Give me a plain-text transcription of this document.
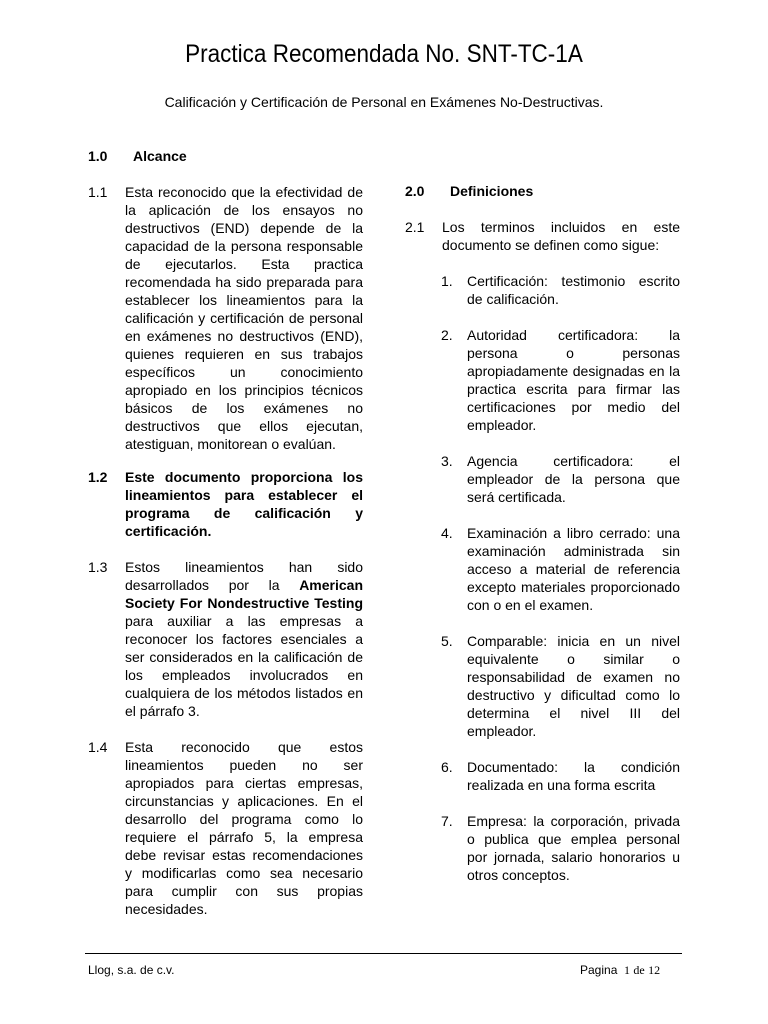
Practica Recomendada No. SNT-TC-1A
Calificación y Certificación de Personal en Exámenes No-Destructivas.
1.0	Alcance
1.1	Esta reconocido que la efectividad de la aplicación de los ensayos no destructivos (END) depende de la capacidad de la persona responsable de ejecutarlos. Esta practica recomendada ha sido preparada para establecer los lineamientos para la calificación y certificación de personal en exámenes no destructivos (END), quienes requieren en sus trabajos específicos un conocimiento apropiado en los principios técnicos básicos de los exámenes no destructivos que ellos ejecutan, atestiguan, monitorean o evalúan.
1.2	Este documento proporciona los lineamientos para establecer el programa de calificación y certificación.
1.3	Estos lineamientos han sido desarrollados por la American Society For Nondestructive Testing para auxiliar a las empresas a reconocer los factores esenciales a ser considerados en la calificación de los empleados involucrados en cualquiera de los métodos listados en el párrafo 3.
1.4	Esta reconocido que estos lineamientos pueden no ser apropiados para ciertas empresas, circunstancias y aplicaciones. En el desarrollo del programa como lo requiere el párrafo 5, la empresa debe revisar estas recomendaciones y modificarlas como sea necesario para cumplir con sus propias necesidades.
2.0	Definiciones
2.1	Los terminos incluidos en este documento se definen como sigue:
1.	Certificación: testimonio escrito de calificación.
2.	Autoridad certificadora: la persona o personas apropiadamente designadas en la practica escrita para firmar las certificaciones por medio del empleador.
3.	Agencia certificadora: el empleador de la persona que será certificada.
4.	Examinación a libro cerrado: una examinación administrada sin acceso a material de referencia excepto materiales proporcionado con o en el examen.
5.	Comparable: inicia en un nivel equivalente o similar o responsabilidad de examen no destructivo y dificultad como lo determina el nivel III del empleador.
6.	Documentado: la condición realizada en una forma escrita
7.	Empresa: la corporación, privada o publica que emplea personal por jornada, salario honorarios u otros conceptos.
Llog, s.a. de c.v.	Pagina 1 de 12
